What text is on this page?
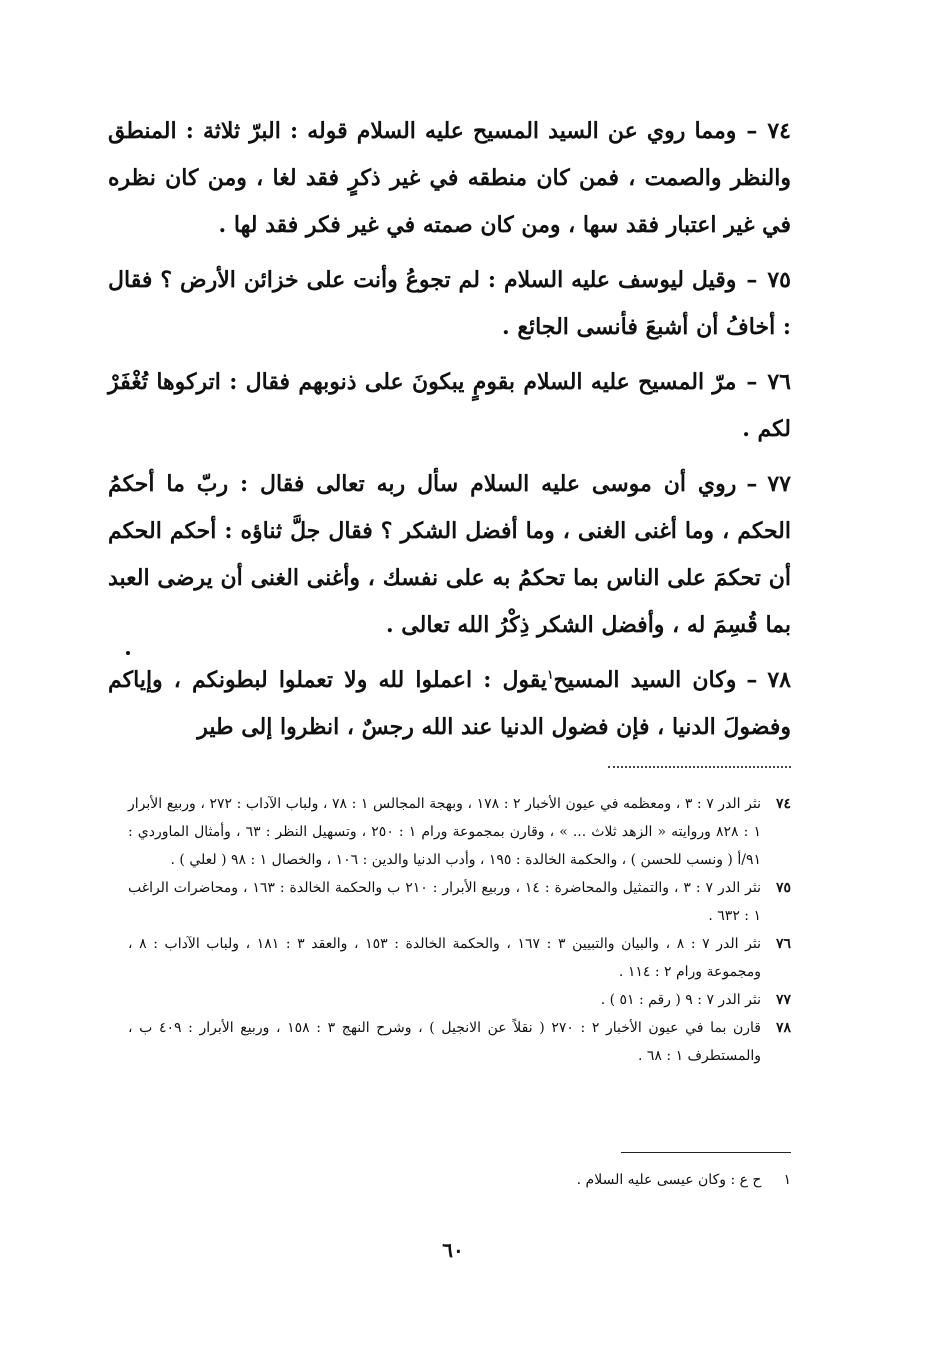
٧٤–ومما روي عن السيد المسيح عليه السلام قوله : البرّ ثلاثة : المنطق والنظر والصمت ، فمن كان منطقه في غير ذكرٍ فقد لغا ، ومن كان نظره في غير اعتبار فقد سها ، ومن كان صمته في غير فكر فقد لها .

٧٥–وقيل ليوسف عليه السلام : لم تجوعُ وأنت على خزائن الأرض ؟ فقال : أخافُ أن أشبعَ فأنسى الجائع .

٧٦–مرّ المسيح عليه السلام بقومٍ يبكونَ على ذنوبهم فقال : اتركوها تُغْفَرْ لكم .

٧٧–روي أن موسى عليه السلام سأل ربه تعالى فقال : ربّ ما أحكمُ الحكم ، وما أغنى الغنى ، وما أفضل الشكر ؟ فقال جلَّ ثناؤه : أحكم الحكم أن تحكمَ على الناس بما تحكمُ به على نفسك ، وأغنى الغنى أن يرضى العبد بما قُسِمَ له ، وأفضل الشكر ذِكْرُ الله تعالى .

٧٨–وكان السيد المسيح$^١$يقول : اعملوا لله ولا تعملوا لبطونكم ، وإياكم وفضولَ الدنيا ، فإن فضول الدنيا عند الله رجسٌ ، انظروا إلى طير

٧٤
نثر الدر ٧ : ٣ ، ومعظمه في عيون الأخبار ٢ : ١٧٨ ، وبهجة المجالس ١ : ٧٨ ، ولباب الآداب : ٢٧٢ ، وربيع الأبرار ١ : ٨٢٨ وروايته « الزهد ثلاث ... » ، وقارن بمجموعة ورام ١ : ٢٥٠ ، وتسهيل النظر : ٦٣ ، وأمثال الماوردي : ٩١/أ ( ونسب للحسن ) ، والحكمة الخالدة : ١٩٥ ، وأدب الدنيا والدين : ١٠٦ ، والخصال ١ : ٩٨ ( لعلي ) .
٧٥
نثر الدر ٧ : ٣ ، والتمثيل والمحاضرة : ١٤ ، وربيع الأبرار : ٢١٠ ب والحكمة الخالدة : ١٦٣ ، ومحاضرات الراغب ١ : ٦٣٢ .
٧٦
نثر الدر ٧ : ٨ ، والبيان والتبيين ٣ : ١٦٧ ، والحكمة الخالدة : ١٥٣ ، والعقد ٣ : ١٨١ ، ولباب الآداب : ٨ ، ومجموعة ورام ٢ : ١١٤ .
٧٧
نثر الدر ٧ : ٩ ( رقم : ٥١ ) .
٧٨
قارن بما في عيون الأخبار ٢ : ٢٧٠ ( نقلاً عن الانجيل ) ، وشرح النهج ٣ : ١٥٨ ، وربيع الأبرار : ٤٠٩ ب ، والمستطرف ١ : ٦٨ .
١ح ع : وكان عيسى عليه السلام .
٦٠
